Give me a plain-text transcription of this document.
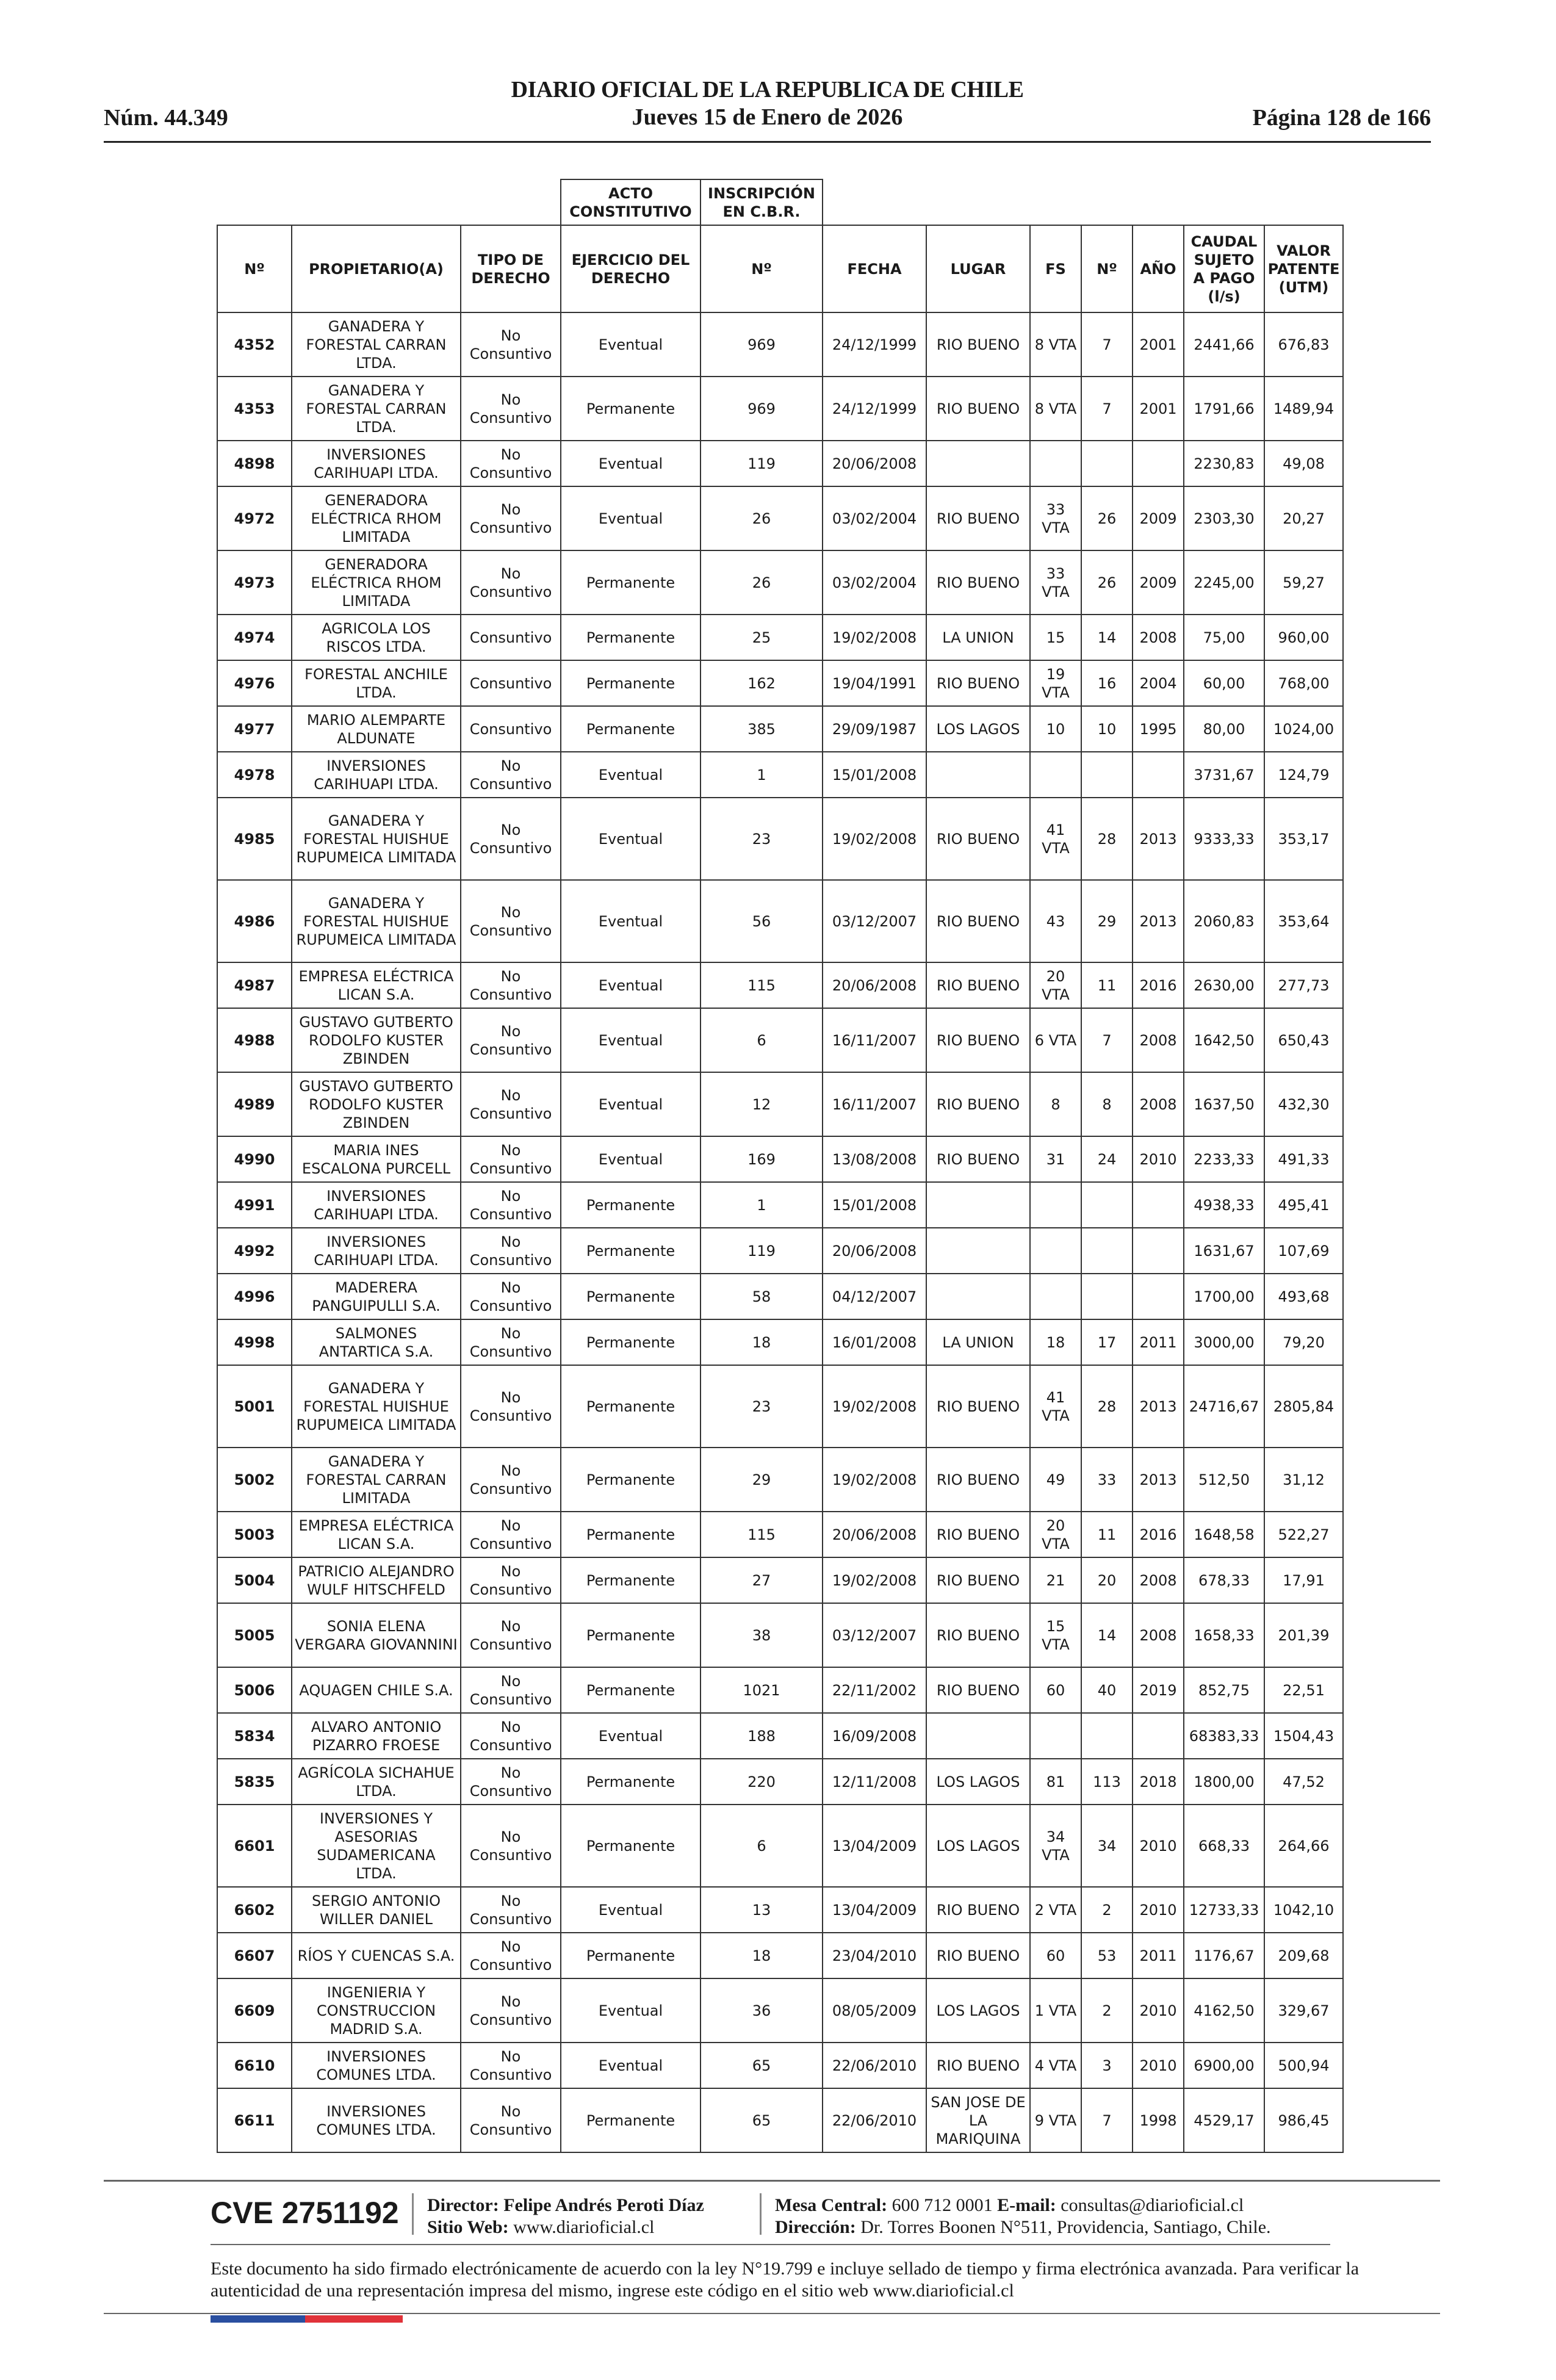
Núm. 44.349
DIARIO OFICIAL DE LA REPUBLICA DE CHILE
Jueves 15 de Enero de 2026	Página 128 de 166
			ACTO CONSTITUTIVO	INSCRIPCIÓN EN C.B.R.							
Nº	PROPIETARIO(A)	TIPO DE DERECHO	EJERCICIO DEL DERECHO	Nº	FECHA	LUGAR	FS	Nº	AÑO	CAUDAL SUJETO A PAGO (l/s)	VALOR PATENTE (UTM)
4352	GANADERA Y FORESTAL CARRAN LTDA.	No Consuntivo	Eventual	969	24/12/1999	RIO BUENO	8 VTA	7	2001	2441,66	676,83
4353	GANADERA Y FORESTAL CARRAN LTDA.	No Consuntivo	Permanente	969	24/12/1999	RIO BUENO	8 VTA	7	2001	1791,66	1489,94
4898	INVERSIONES CARIHUAPI LTDA.	No Consuntivo	Eventual	119	20/06/2008					2230,83	49,08
4972	GENERADORA ELÉCTRICA RHOM LIMITADA	No Consuntivo	Eventual	26	03/02/2004	RIO BUENO	33 VTA	26	2009	2303,30	20,27
4973	GENERADORA ELÉCTRICA RHOM LIMITADA	No Consuntivo	Permanente	26	03/02/2004	RIO BUENO	33 VTA	26	2009	2245,00	59,27
4974	AGRICOLA LOS RISCOS LTDA.	Consuntivo	Permanente	25	19/02/2008	LA UNION	15	14	2008	75,00	960,00
4976	FORESTAL ANCHILE LTDA.	Consuntivo	Permanente	162	19/04/1991	RIO BUENO	19 VTA	16	2004	60,00	768,00
4977	MARIO ALEMPARTE ALDUNATE	Consuntivo	Permanente	385	29/09/1987	LOS LAGOS	10	10	1995	80,00	1024,00
4978	INVERSIONES CARIHUAPI LTDA.	No Consuntivo	Eventual	1	15/01/2008					3731,67	124,79
4985	GANADERA Y FORESTAL HUISHUE RUPUMEICA LIMITADA	No Consuntivo	Eventual	23	19/02/2008	RIO BUENO	41 VTA	28	2013	9333,33	353,17
4986	GANADERA Y FORESTAL HUISHUE RUPUMEICA LIMITADA	No Consuntivo	Eventual	56	03/12/2007	RIO BUENO	43	29	2013	2060,83	353,64
4987	EMPRESA ELÉCTRICA LICAN S.A.	No Consuntivo	Eventual	115	20/06/2008	RIO BUENO	20 VTA	11	2016	2630,00	277,73
4988	GUSTAVO GUTBERTO RODOLFO KUSTER ZBINDEN	No Consuntivo	Eventual	6	16/11/2007	RIO BUENO	6 VTA	7	2008	1642,50	650,43
4989	GUSTAVO GUTBERTO RODOLFO KUSTER ZBINDEN	No Consuntivo	Eventual	12	16/11/2007	RIO BUENO	8	8	2008	1637,50	432,30
4990	MARIA INES ESCALONA PURCELL	No Consuntivo	Eventual	169	13/08/2008	RIO BUENO	31	24	2010	2233,33	491,33
4991	INVERSIONES CARIHUAPI LTDA.	No Consuntivo	Permanente	1	15/01/2008					4938,33	495,41
4992	INVERSIONES CARIHUAPI LTDA.	No Consuntivo	Permanente	119	20/06/2008					1631,67	107,69
4996	MADERERA PANGUIPULLI S.A.	No Consuntivo	Permanente	58	04/12/2007					1700,00	493,68
4998	SALMONES ANTARTICA S.A.	No Consuntivo	Permanente	18	16/01/2008	LA UNION	18	17	2011	3000,00	79,20
5001	GANADERA Y FORESTAL HUISHUE RUPUMEICA LIMITADA	No Consuntivo	Permanente	23	19/02/2008	RIO BUENO	41 VTA	28	2013	24716,67	2805,84
5002	GANADERA Y FORESTAL CARRAN LIMITADA	No Consuntivo	Permanente	29	19/02/2008	RIO BUENO	49	33	2013	512,50	31,12
5003	EMPRESA ELÉCTRICA LICAN S.A.	No Consuntivo	Permanente	115	20/06/2008	RIO BUENO	20 VTA	11	2016	1648,58	522,27
5004	PATRICIO ALEJANDRO WULF HITSCHFELD	No Consuntivo	Permanente	27	19/02/2008	RIO BUENO	21	20	2008	678,33	17,91
5005	SONIA ELENA VERGARA GIOVANNINI	No Consuntivo	Permanente	38	03/12/2007	RIO BUENO	15 VTA	14	2008	1658,33	201,39
5006	AQUAGEN CHILE S.A.	No Consuntivo	Permanente	1021	22/11/2002	RIO BUENO	60	40	2019	852,75	22,51
5834	ALVARO ANTONIO PIZARRO FROESE	No Consuntivo	Eventual	188	16/09/2008					68383,33	1504,43
5835	AGRÍCOLA SICHAHUE LTDA.	No Consuntivo	Permanente	220	12/11/2008	LOS LAGOS	81	113	2018	1800,00	47,52
6601	INVERSIONES Y ASESORIAS SUDAMERICANA LTDA.	No Consuntivo	Permanente	6	13/04/2009	LOS LAGOS	34 VTA	34	2010	668,33	264,66
6602	SERGIO ANTONIO WILLER DANIEL	No Consuntivo	Eventual	13	13/04/2009	RIO BUENO	2 VTA	2	2010	12733,33	1042,10
6607	RÍOS Y CUENCAS S.A.	No Consuntivo	Permanente	18	23/04/2010	RIO BUENO	60	53	2011	1176,67	209,68
6609	INGENIERIA Y CONSTRUCCION MADRID S.A.	No Consuntivo	Eventual	36	08/05/2009	LOS LAGOS	1 VTA	2	2010	4162,50	329,67
6610	INVERSIONES COMUNES LTDA.	No Consuntivo	Eventual	65	22/06/2010	RIO BUENO	4 VTA	3	2010	6900,00	500,94
6611	INVERSIONES COMUNES LTDA.	No Consuntivo	Permanente	65	22/06/2010	SAN JOSE DE LA MARIQUINA	9 VTA	7	1998	4529,17	986,45
CVE 2751192 Director: Felipe Andrés Peroti Díaz
Sitio Web: www.diarioficial.cl
Mesa Central: 600 712 0001 E-mail: consultas@diarioficial.cl
Dirección: Dr. Torres Boonen N°511, Providencia, Santiago, Chile.
Este documento ha sido firmado electrónicamente de acuerdo con la ley N°19.799 e incluye sellado de tiempo y firma electrónica avanzada. Para verificar la autenticidad de una representación impresa del mismo, ingrese este código en el sitio web www.diarioficial.cl
